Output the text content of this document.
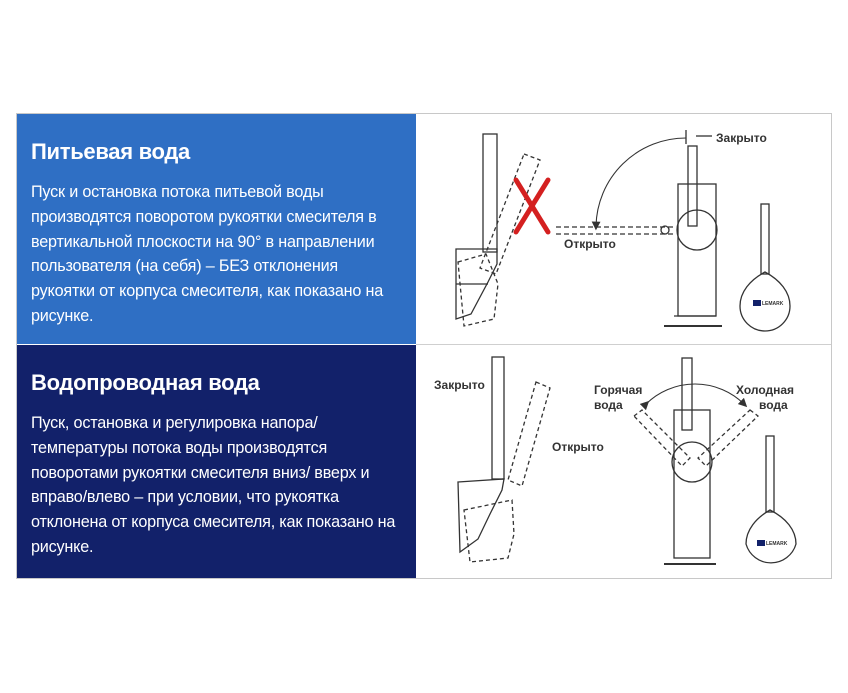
Питьевая вода

Пуск и остановка потока питьевой воды производятся поворотом рукоятки смесителя в вертикальной плоскости на 90° в направлении пользователя (на себя) – БЕЗ отклонения рукоятки от корпуса смесителя, как показано на рисунке.

Водопроводная вода

Пуск, остановка и регулировка напора/ температуры потока воды производятся поворотами рукоятки смесителя вниз/ вверх и вправо/влево – при условии, что рукоятка отклонена от корпуса смесителя, как показано на рисунке.

Закрыто
Открыто
LEMARK
Закрыто
Открыто
Горячая
вода
Холодная
вода
LEMARK
